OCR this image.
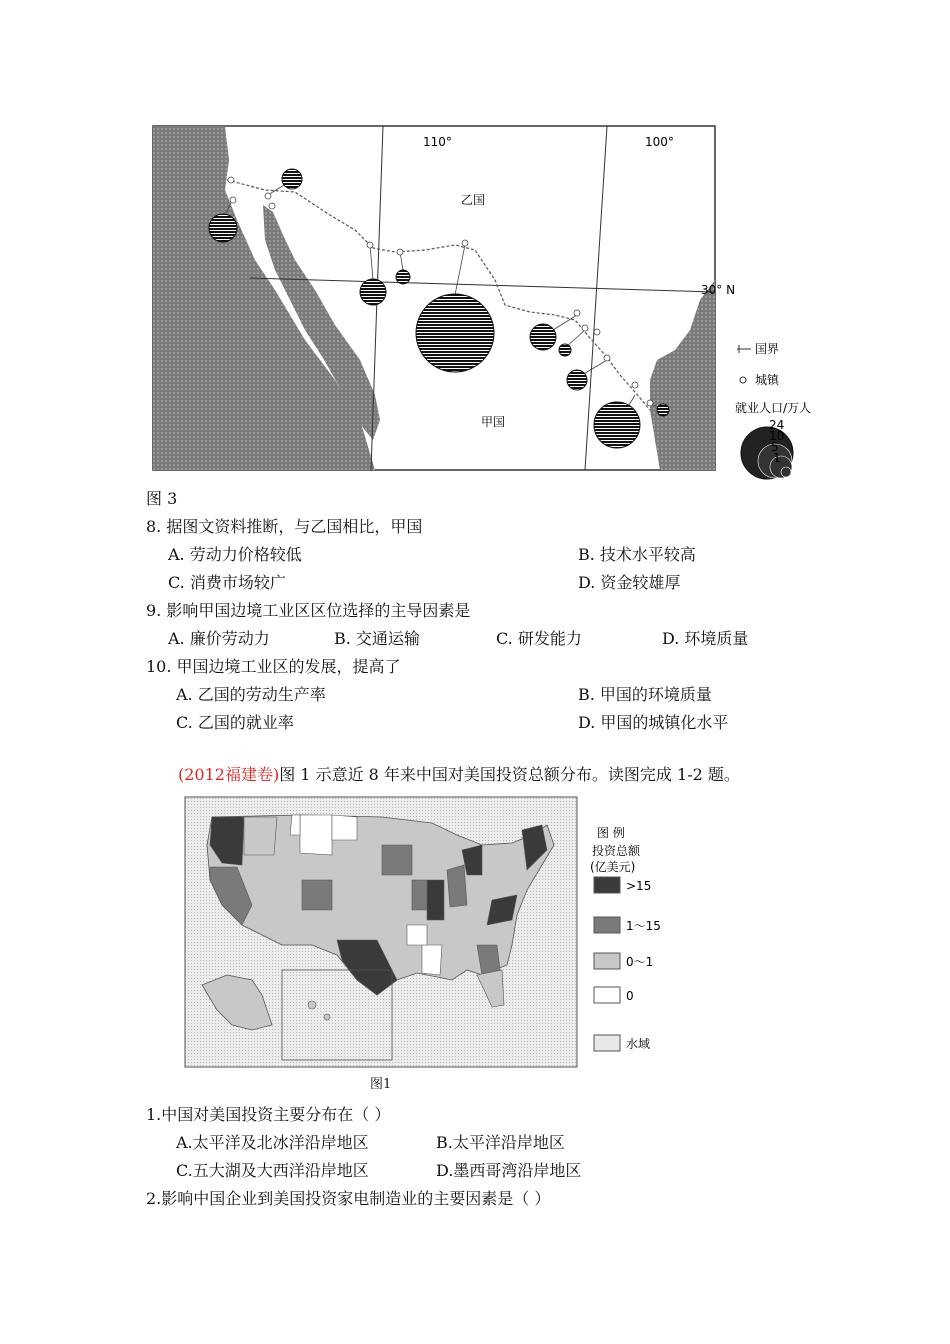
110°	100°
30° N
乙国
甲国
国界
城镇
就业人口/万人
24
10
5
1
图 3
8. 据图文资料推断，与乙国相比，甲国
A. 劳动力价格较低	B. 技术水平较高
C. 消费市场较广	D. 资金较雄厚
9. 影响甲国边境工业区区位选择的主导因素是
A. 廉价劳动力	B. 交通运输	C. 研发能力	D. 环境质量
10. 甲国边境工业区的发展，提高了
A. 乙国的劳动生产率	B. 甲国的环境质量
C. 乙国的就业率	D. 甲国的城镇化水平
(2012福建卷)图 1 示意近 8 年来中国对美国投资总额分布。读图完成 1-2 题。
图 例
投资总额
(亿美元)
>15
1～15
0～1
0
水域
图1
1.中国对美国投资主要分布在（ ）
A.太平洋及北冰洋沿岸地区	B.太平洋沿岸地区
C.五大湖及大西洋沿岸地区	D.墨西哥湾沿岸地区
2.影响中国企业到美国投资家电制造业的主要因素是（ ）
